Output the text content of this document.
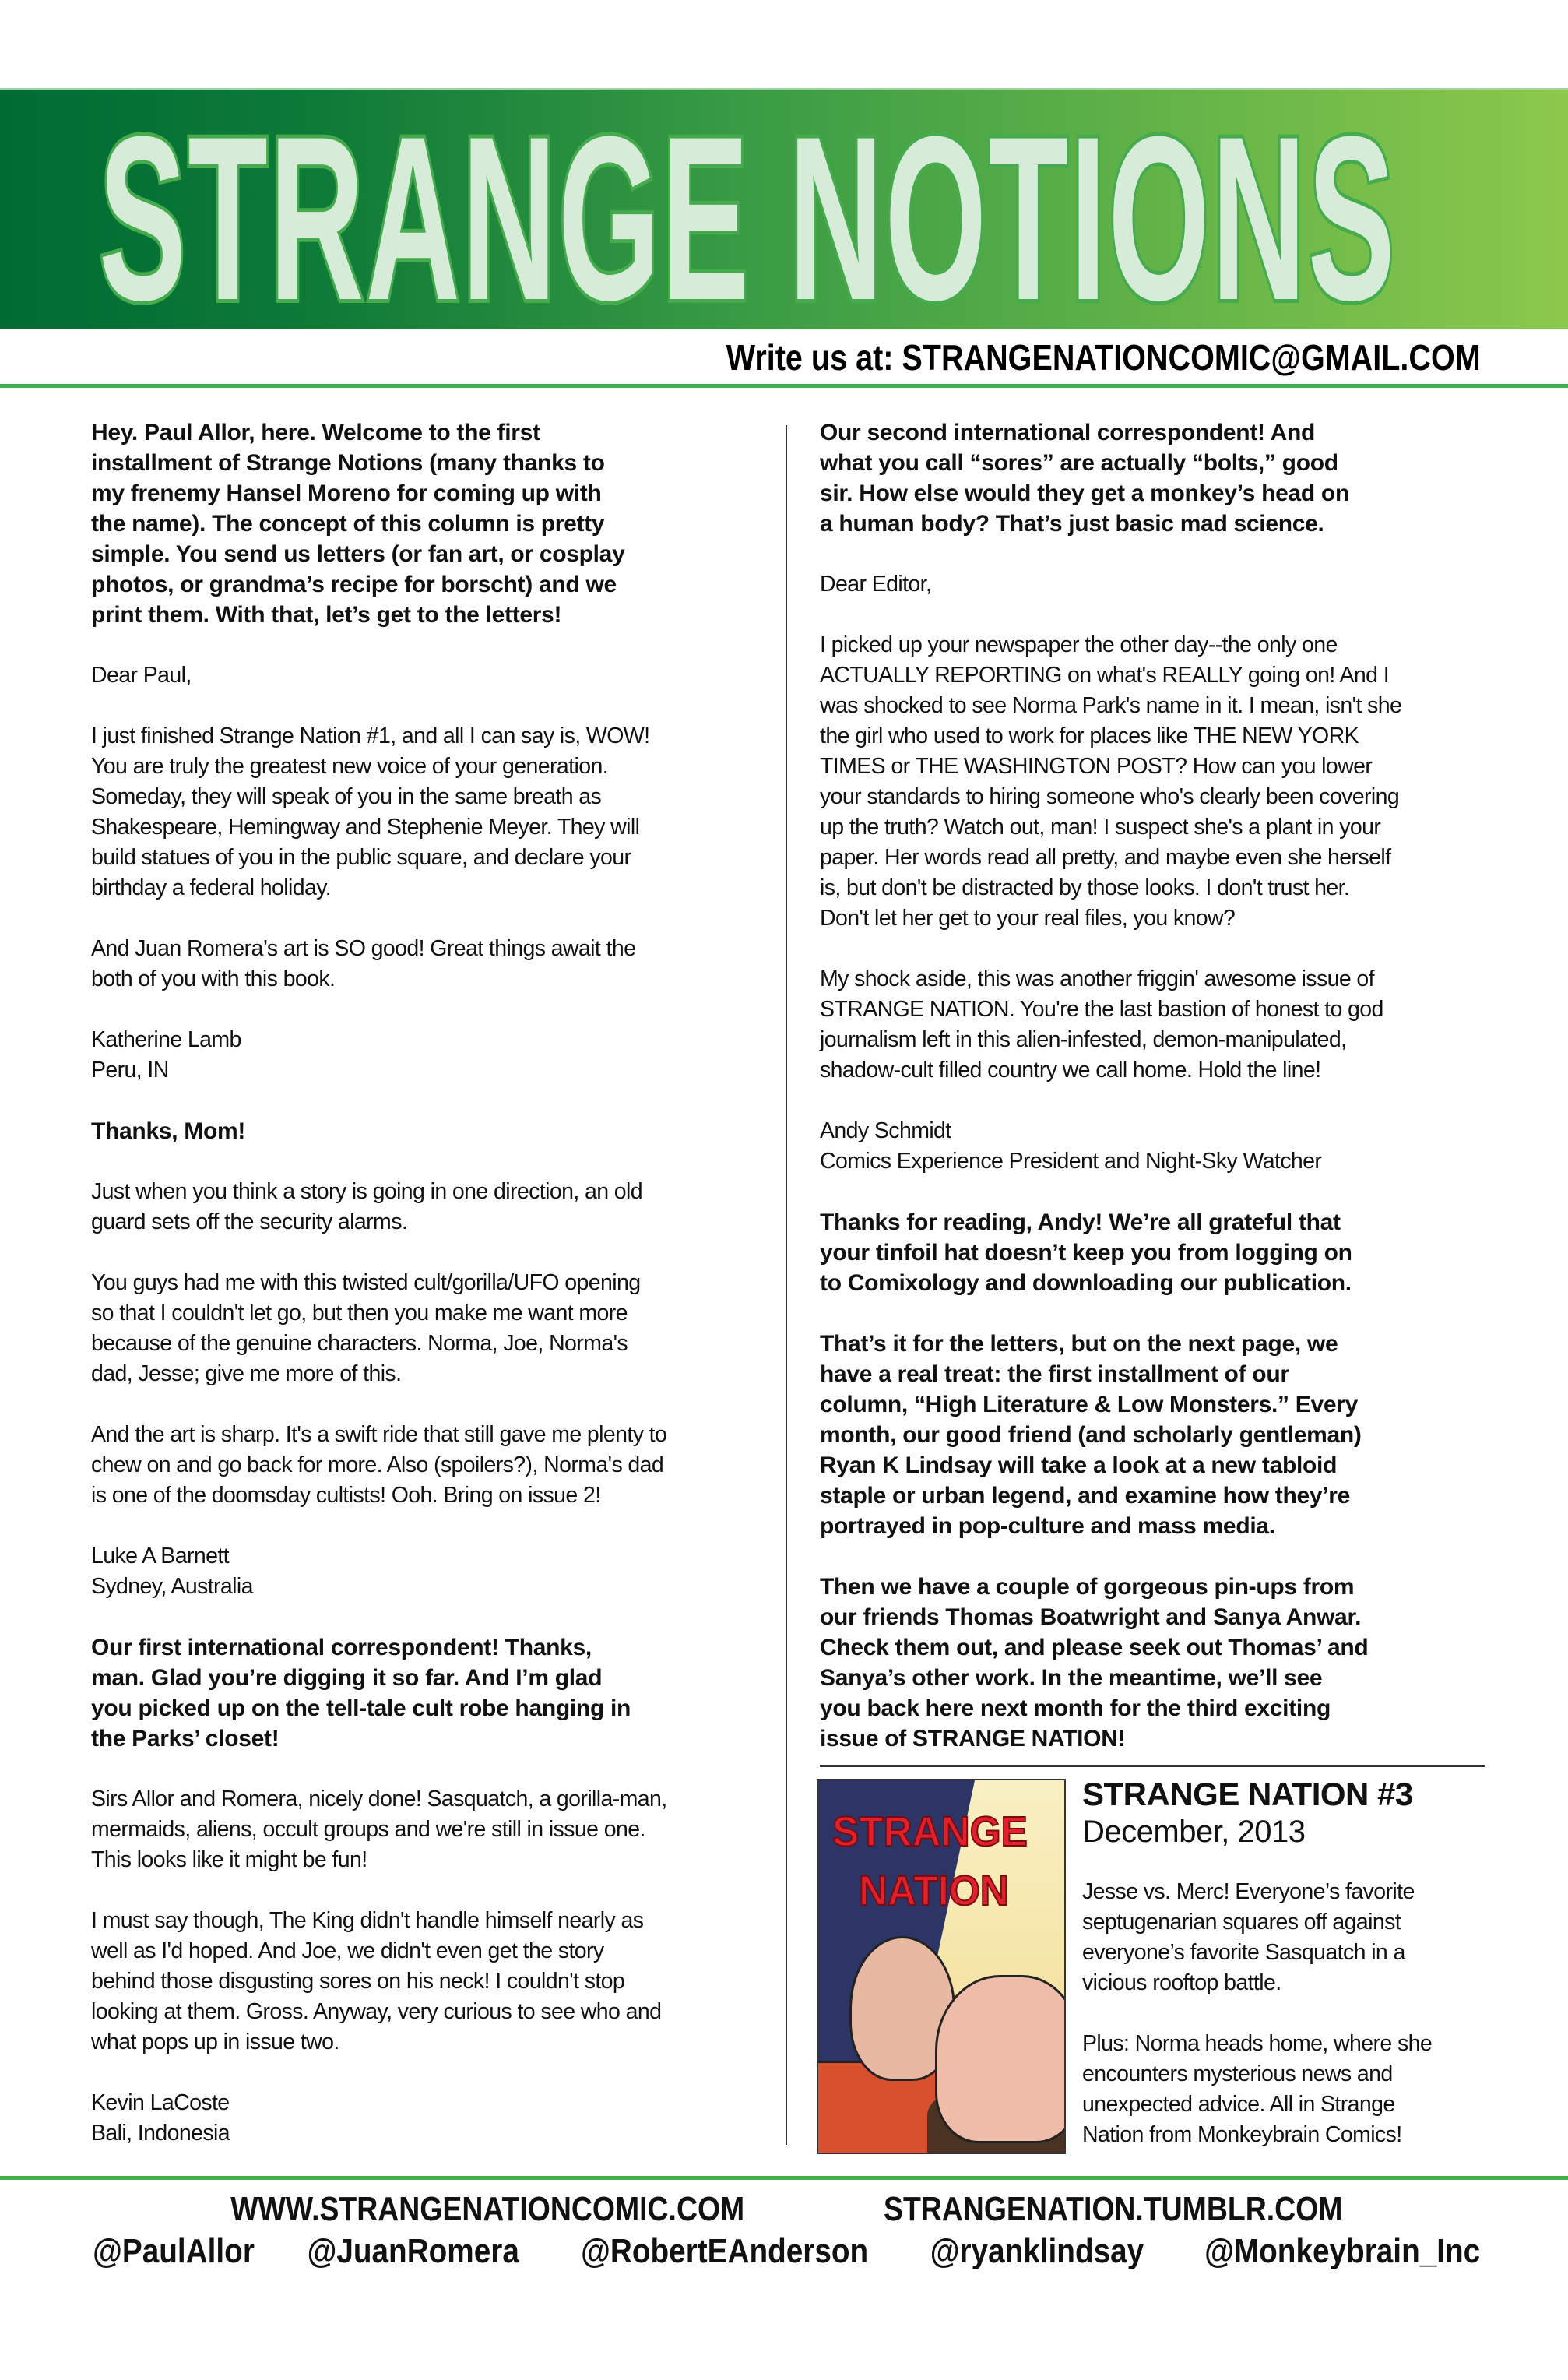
STRANGE NOTIONS
Write us at: STRANGENATIONCOMIC@GMAIL.COM

Hey. Paul Allor, here. Welcome to the first
installment of Strange Notions (many thanks to
my frenemy Hansel Moreno for coming up with
the name). The concept of this column is pretty
simple. You send us letters (or fan art, or cosplay
photos, or grandma’s recipe for borscht) and we
print them. With that, let’s get to the letters!

Dear Paul,

I just finished Strange Nation #1, and all I can say is, WOW!
You are truly the greatest new voice of your generation.
Someday, they will speak of you in the same breath as
Shakespeare, Hemingway and Stephenie Meyer. They will
build statues of you in the public square, and declare your
birthday a federal holiday.

And Juan Romera’s art is SO good! Great things await the
both of you with this book.

Katherine Lamb
Peru, IN

Thanks, Mom!

Just when you think a story is going in one direction, an old
guard sets off the security alarms.

You guys had me with this twisted cult/gorilla/UFO opening
so that I couldn't let go, but then you make me want more
because of the genuine characters. Norma, Joe, Norma's
dad, Jesse; give me more of this.

And the art is sharp. It's a swift ride that still gave me plenty to
chew on and go back for more. Also (spoilers?), Norma's dad
is one of the doomsday cultists! Ooh. Bring on issue 2!

Luke A Barnett
Sydney, Australia

Our first international correspondent! Thanks,
man. Glad you’re digging it so far. And I’m glad
you picked up on the tell-tale cult robe hanging in
the Parks’ closet!

Sirs Allor and Romera, nicely done! Sasquatch, a gorilla-man,
mermaids, aliens, occult groups and we're still in issue one.
This looks like it might be fun!

I must say though, The King didn't handle himself nearly as
well as I'd hoped. And Joe, we didn't even get the story
behind those disgusting sores on his neck! I couldn't stop
looking at them. Gross. Anyway, very curious to see who and
what pops up in issue two.

Kevin LaCoste
Bali, Indonesia

Our second international correspondent! And
what you call “sores” are actually “bolts,” good
sir. How else would they get a monkey’s head on
a human body? That’s just basic mad science.

Dear Editor,

I picked up your newspaper the other day--the only one
ACTUALLY REPORTING on what's REALLY going on! And I
was shocked to see Norma Park's name in it. I mean, isn't she
the girl who used to work for places like THE NEW YORK
TIMES or THE WASHINGTON POST? How can you lower
your standards to hiring someone who's clearly been covering
up the truth? Watch out, man! I suspect she's a plant in your
paper. Her words read all pretty, and maybe even she herself
is, but don't be distracted by those looks. I don't trust her.
Don't let her get to your real files, you know?

My shock aside, this was another friggin' awesome issue of
STRANGE NATION. You're the last bastion of honest to god
journalism left in this alien-infested, demon-manipulated,
shadow-cult filled country we call home. Hold the line!

Andy Schmidt
Comics Experience President and Night-Sky Watcher

Thanks for reading, Andy! We’re all grateful that
your tinfoil hat doesn’t keep you from logging on
to Comixology and downloading our publication.

That’s it for the letters, but on the next page, we
have a real treat: the first installment of our
column, “High Literature & Low Monsters.” Every
month, our good friend (and scholarly gentleman)
Ryan K Lindsay will take a look at a new tabloid
staple or urban legend, and examine how they’re
portrayed in pop-culture and mass media.

Then we have a couple of gorgeous pin-ups from
our friends Thomas Boatwright and Sanya Anwar.
Check them out, and please seek out Thomas’ and
Sanya’s other work. In the meantime, we’ll see
you back here next month for the third exciting
issue of STRANGE NATION!

STRANGE
NATION
STRANGE NATION #3
December, 2013
Jesse vs. Merc! Everyone’s favorite
septugenarian squares off against
everyone’s favorite Sasquatch in a
vicious rooftop battle.
Plus: Norma heads home, where she
encounters mysterious news and
unexpected advice. All in Strange
Nation from Monkeybrain Comics!
WWW.STRANGENATIONCOMIC.COM	STRANGENATION.TUMBLR.COM
@PaulAllor @JuanRomera @RobertEAnderson @ryanklindsay @Monkeybrain_Inc
